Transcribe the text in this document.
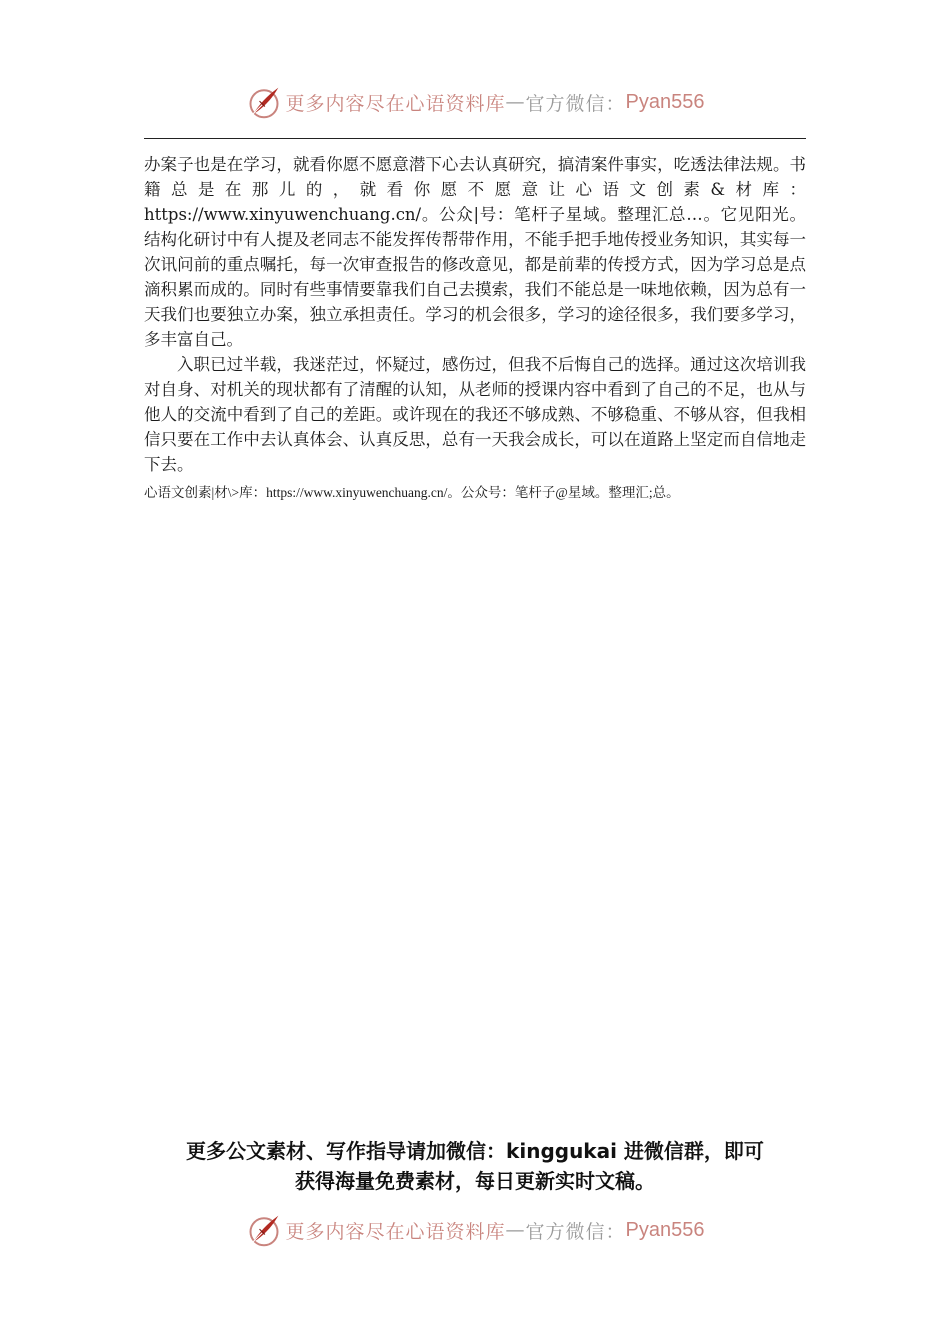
更多内容尽在心语资料库 — 官方微信： Pyan556

办案子也是在学习，就看你愿不愿意潜下心去认真研究，搞清案件事实，吃透法律法规。书籍总是在那儿的，就看你愿不愿意让心语文创素&材库：https://www.xinyuwenchuang.cn/。公众|号：笔杆子星域。整理汇总…。它见阳光。结构化研讨中有人提及老同志不能发挥传帮带作用，不能手把手地传授业务知识，其实每一次讯问前的重点嘱托，每一次审查报告的修改意见，都是前辈的传授方式，因为学习总是点滴积累而成的。同时有些事情要靠我们自己去摸索，我们不能总是一味地依赖，因为总有一天我们也要独立办案，独立承担责任。学习的机会很多，学习的途径很多，我们要多学习，多丰富自己。

入职已过半载，我迷茫过，怀疑过，感伤过，但我不后悔自己的选择。通过这次培训我对自身、对机关的现状都有了清醒的认知，从老师的授课内容中看到了自己的不足，也从与他人的交流中看到了自己的差距。或许现在的我还不够成熟、不够稳重、不够从容，但我相信只要在工作中去认真体会、认真反思，总有一天我会成长，可以在道路上坚定而自信地走下去。

心语文创素|材\>库：https://www.xinyuwenchuang.cn/。公众号：笔杆子@星域。整理汇;总。
更多公文素材、写作指导请加微信：kinggukai 进微信群，即可
获得海量免费素材，每日更新实时文稿。
更多内容尽在心语资料库 — 官方微信： Pyan556
